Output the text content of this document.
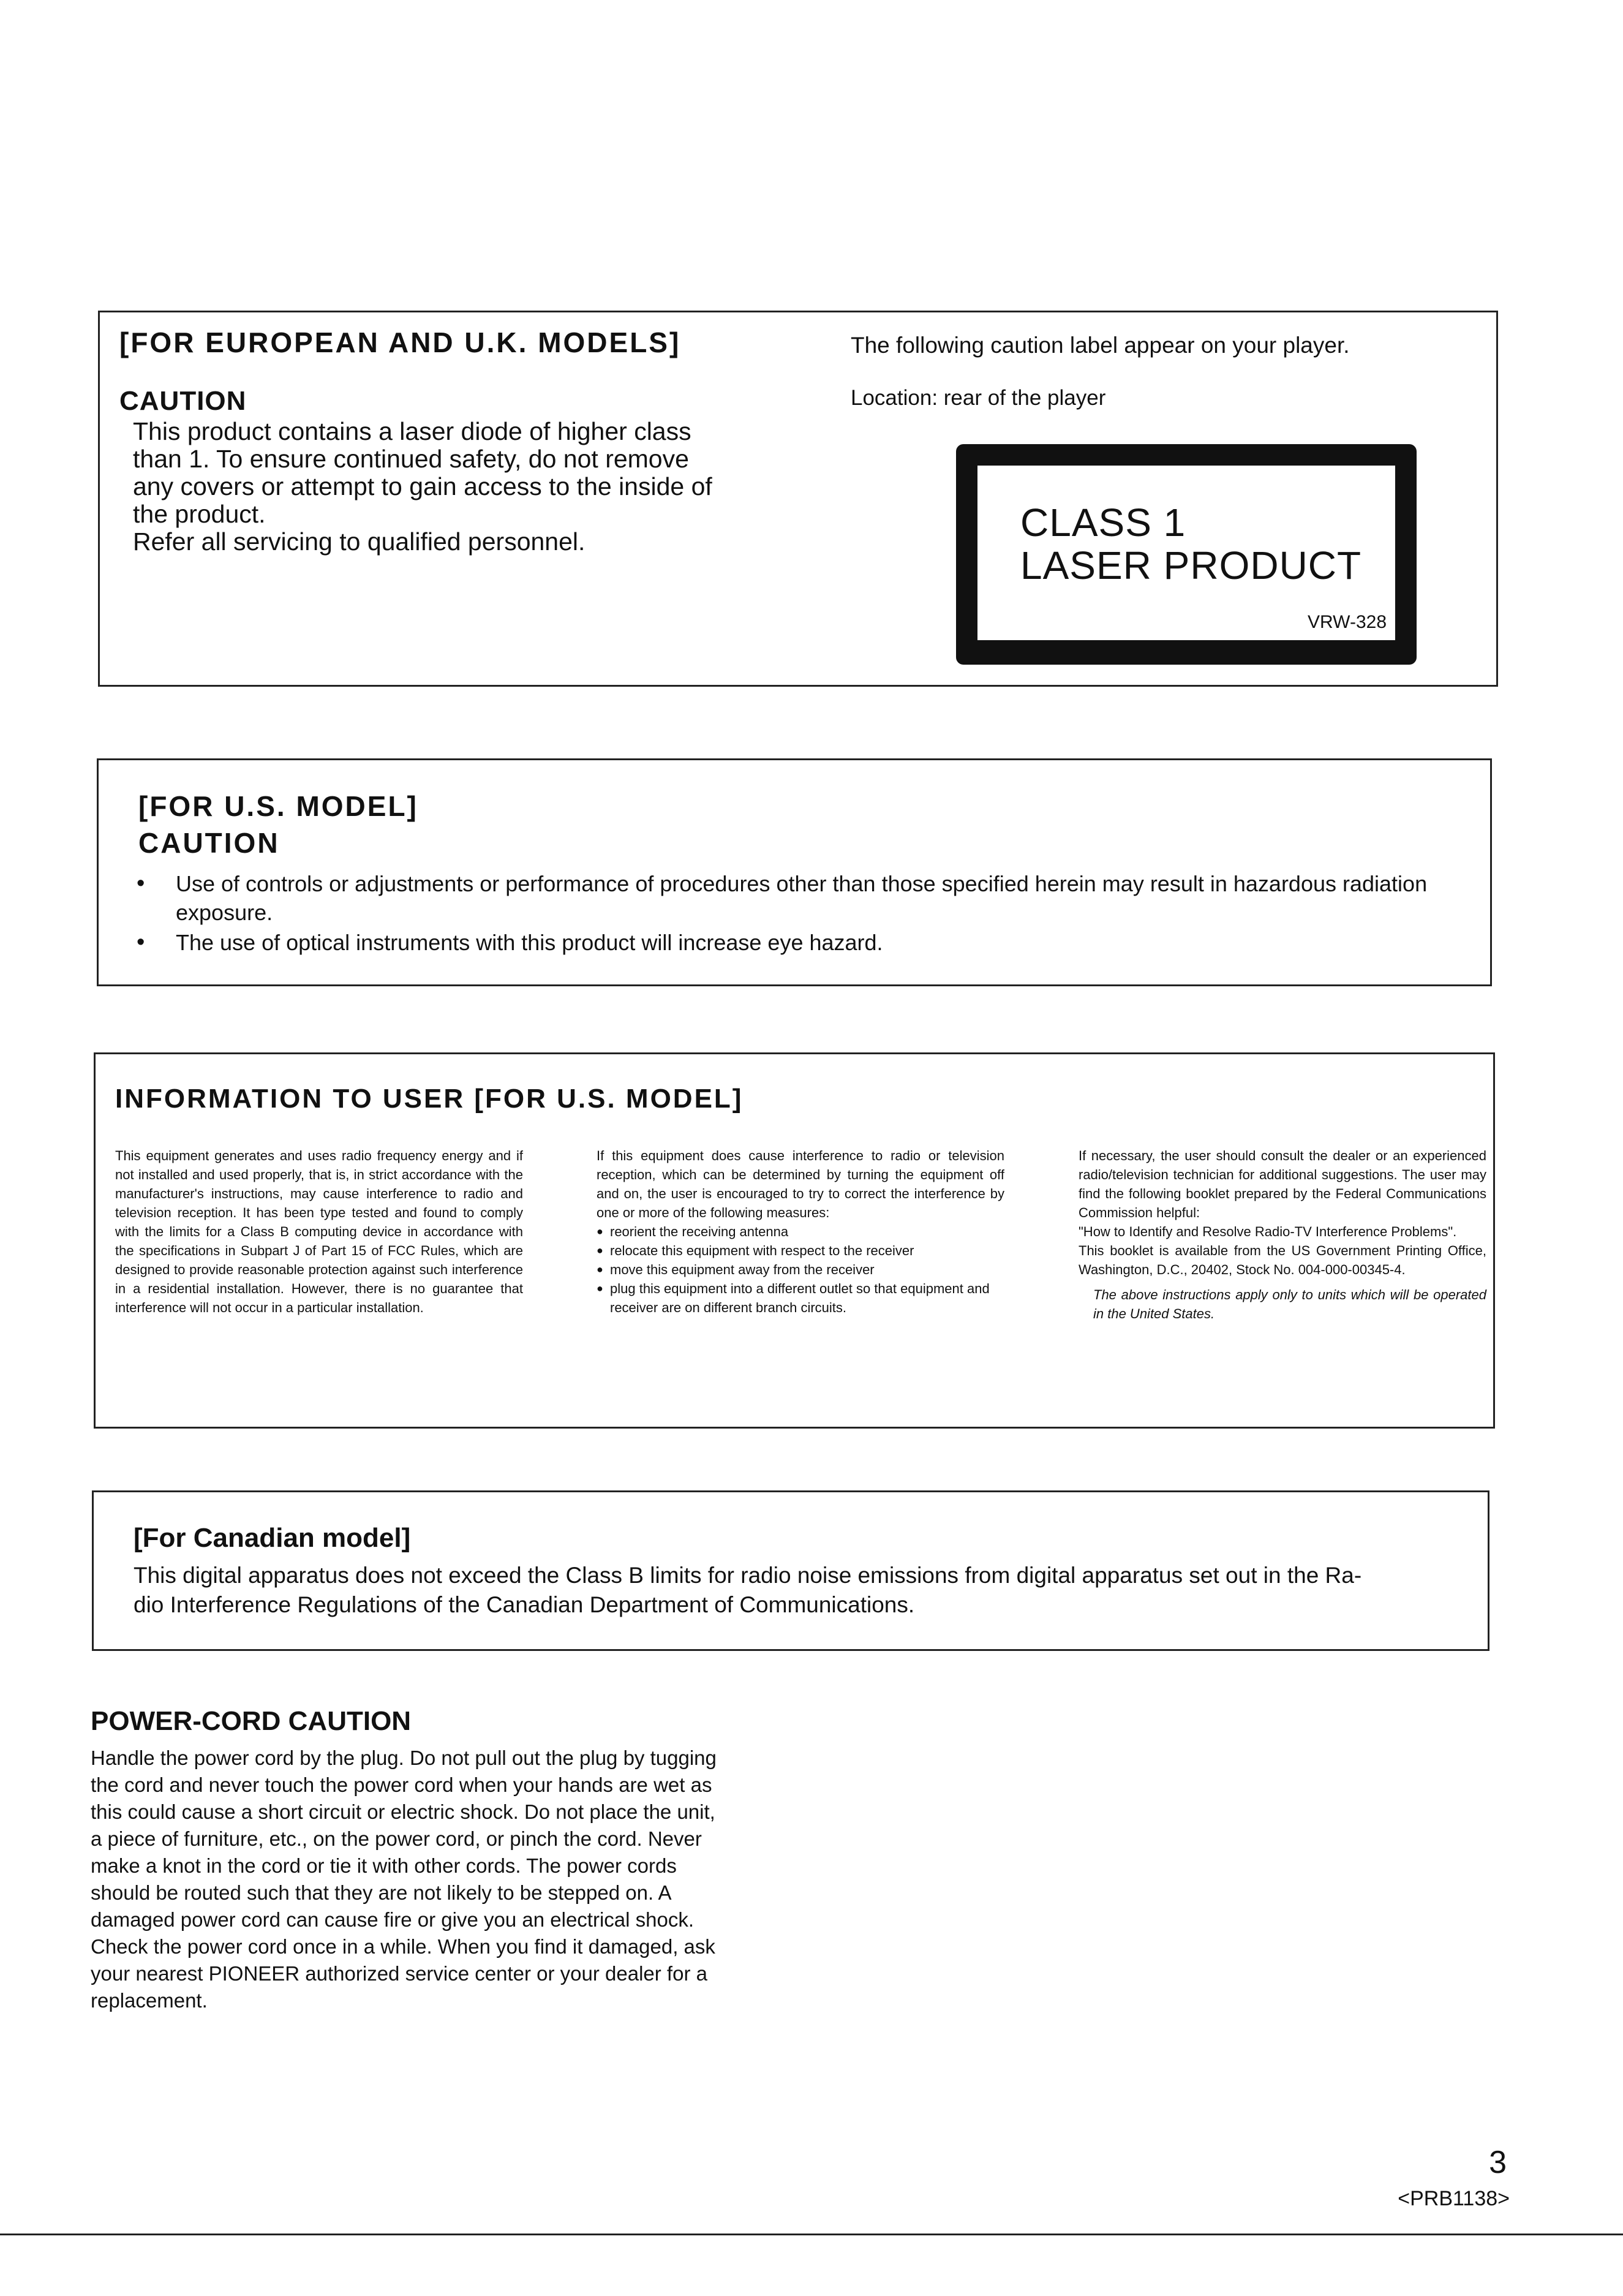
[FOR EUROPEAN AND U.K. MODELS]
CAUTION
This product contains a laser diode of higher class
than 1. To ensure continued safety, do not remove
any covers or attempt to gain access to the inside of
the product.
Refer all servicing to qualified personnel.
The following caution label appear on your player.
Location: rear of the player
CLASS 1
LASER PRODUCT
VRW-328
[FOR U.S. MODEL]
CAUTION
• Use of controls or adjustments or performance of procedures other than those specified herein may result in hazardous radiation exposure.
• The use of optical instruments with this product will increase eye hazard.
INFORMATION TO USER [FOR U.S. MODEL]

This equipment generates and uses radio frequency energy and if not installed and used properly, that is, in strict accordance with the manufacturer's instructions, may cause interference to radio and television reception. It has been type tested and found to comply with the limits for a Class B computing device in accordance with the specifications in Subpart J of Part 15 of FCC Rules, which are designed to provide reasonable protection against such interference in a residential installation. However, there is no guarantee that interference will not occur in a particular installation.

If this equipment does cause interference to radio or television reception, which can be determined by turning the equipment off and on, the user is encouraged to try to correct the interference by one or more of the following measures:

● reorient the receiving antenna
● relocate this equipment with respect to the receiver
● move this equipment away from the receiver
● plug this equipment into a different outlet so that equipment and receiver are on different branch circuits.

If necessary, the user should consult the dealer or an experienced radio/television technician for additional suggestions. The user may find the following booklet prepared by the Federal Communications Commission helpful:

"How to Identify and Resolve Radio-TV Interference Problems".

This booklet is available from the US Government Printing Office, Washington, D.C., 20402, Stock No. 004-000-00345-4.

The above instructions apply only to units which will be operated in the United States.

[For Canadian model]
This digital apparatus does not exceed the Class B limits for radio noise emissions from digital apparatus set out in the Ra-
dio Interference Regulations of the Canadian Department of Communications.
POWER-CORD CAUTION
Handle the power cord by the plug. Do not pull out the plug by tugging
the cord and never touch the power cord when your hands are wet as
this could cause a short circuit or electric shock. Do not place the unit,
a piece of furniture, etc., on the power cord, or pinch the cord. Never
make a knot in the cord or tie it with other cords. The power cords
should be routed such that they are not likely to be stepped on. A
damaged power cord can cause fire or give you an electrical shock.
Check the power cord once in a while. When you find it damaged, ask
your nearest PIONEER authorized service center or your dealer for a
replacement.
3
<PRB1138>
